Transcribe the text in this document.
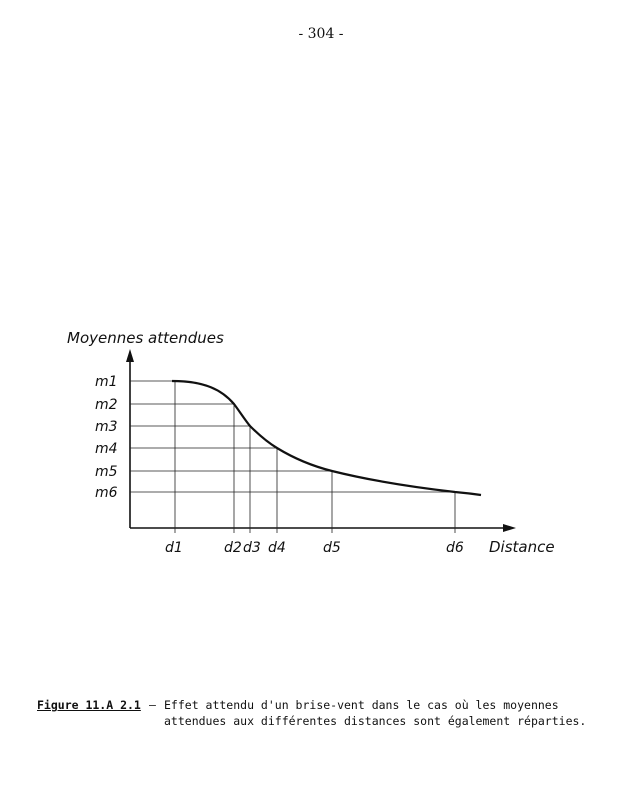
- 304 -
Moyennes attendues
Distance
m1
m2
m3
m4
m5
m6
d1	d2 d3 d4	d5	d6
Figure 11.A 2.1 – Effet attendu d'un brise-vent dans le cas où les moyennes
attendues aux différentes distances sont également réparties.
